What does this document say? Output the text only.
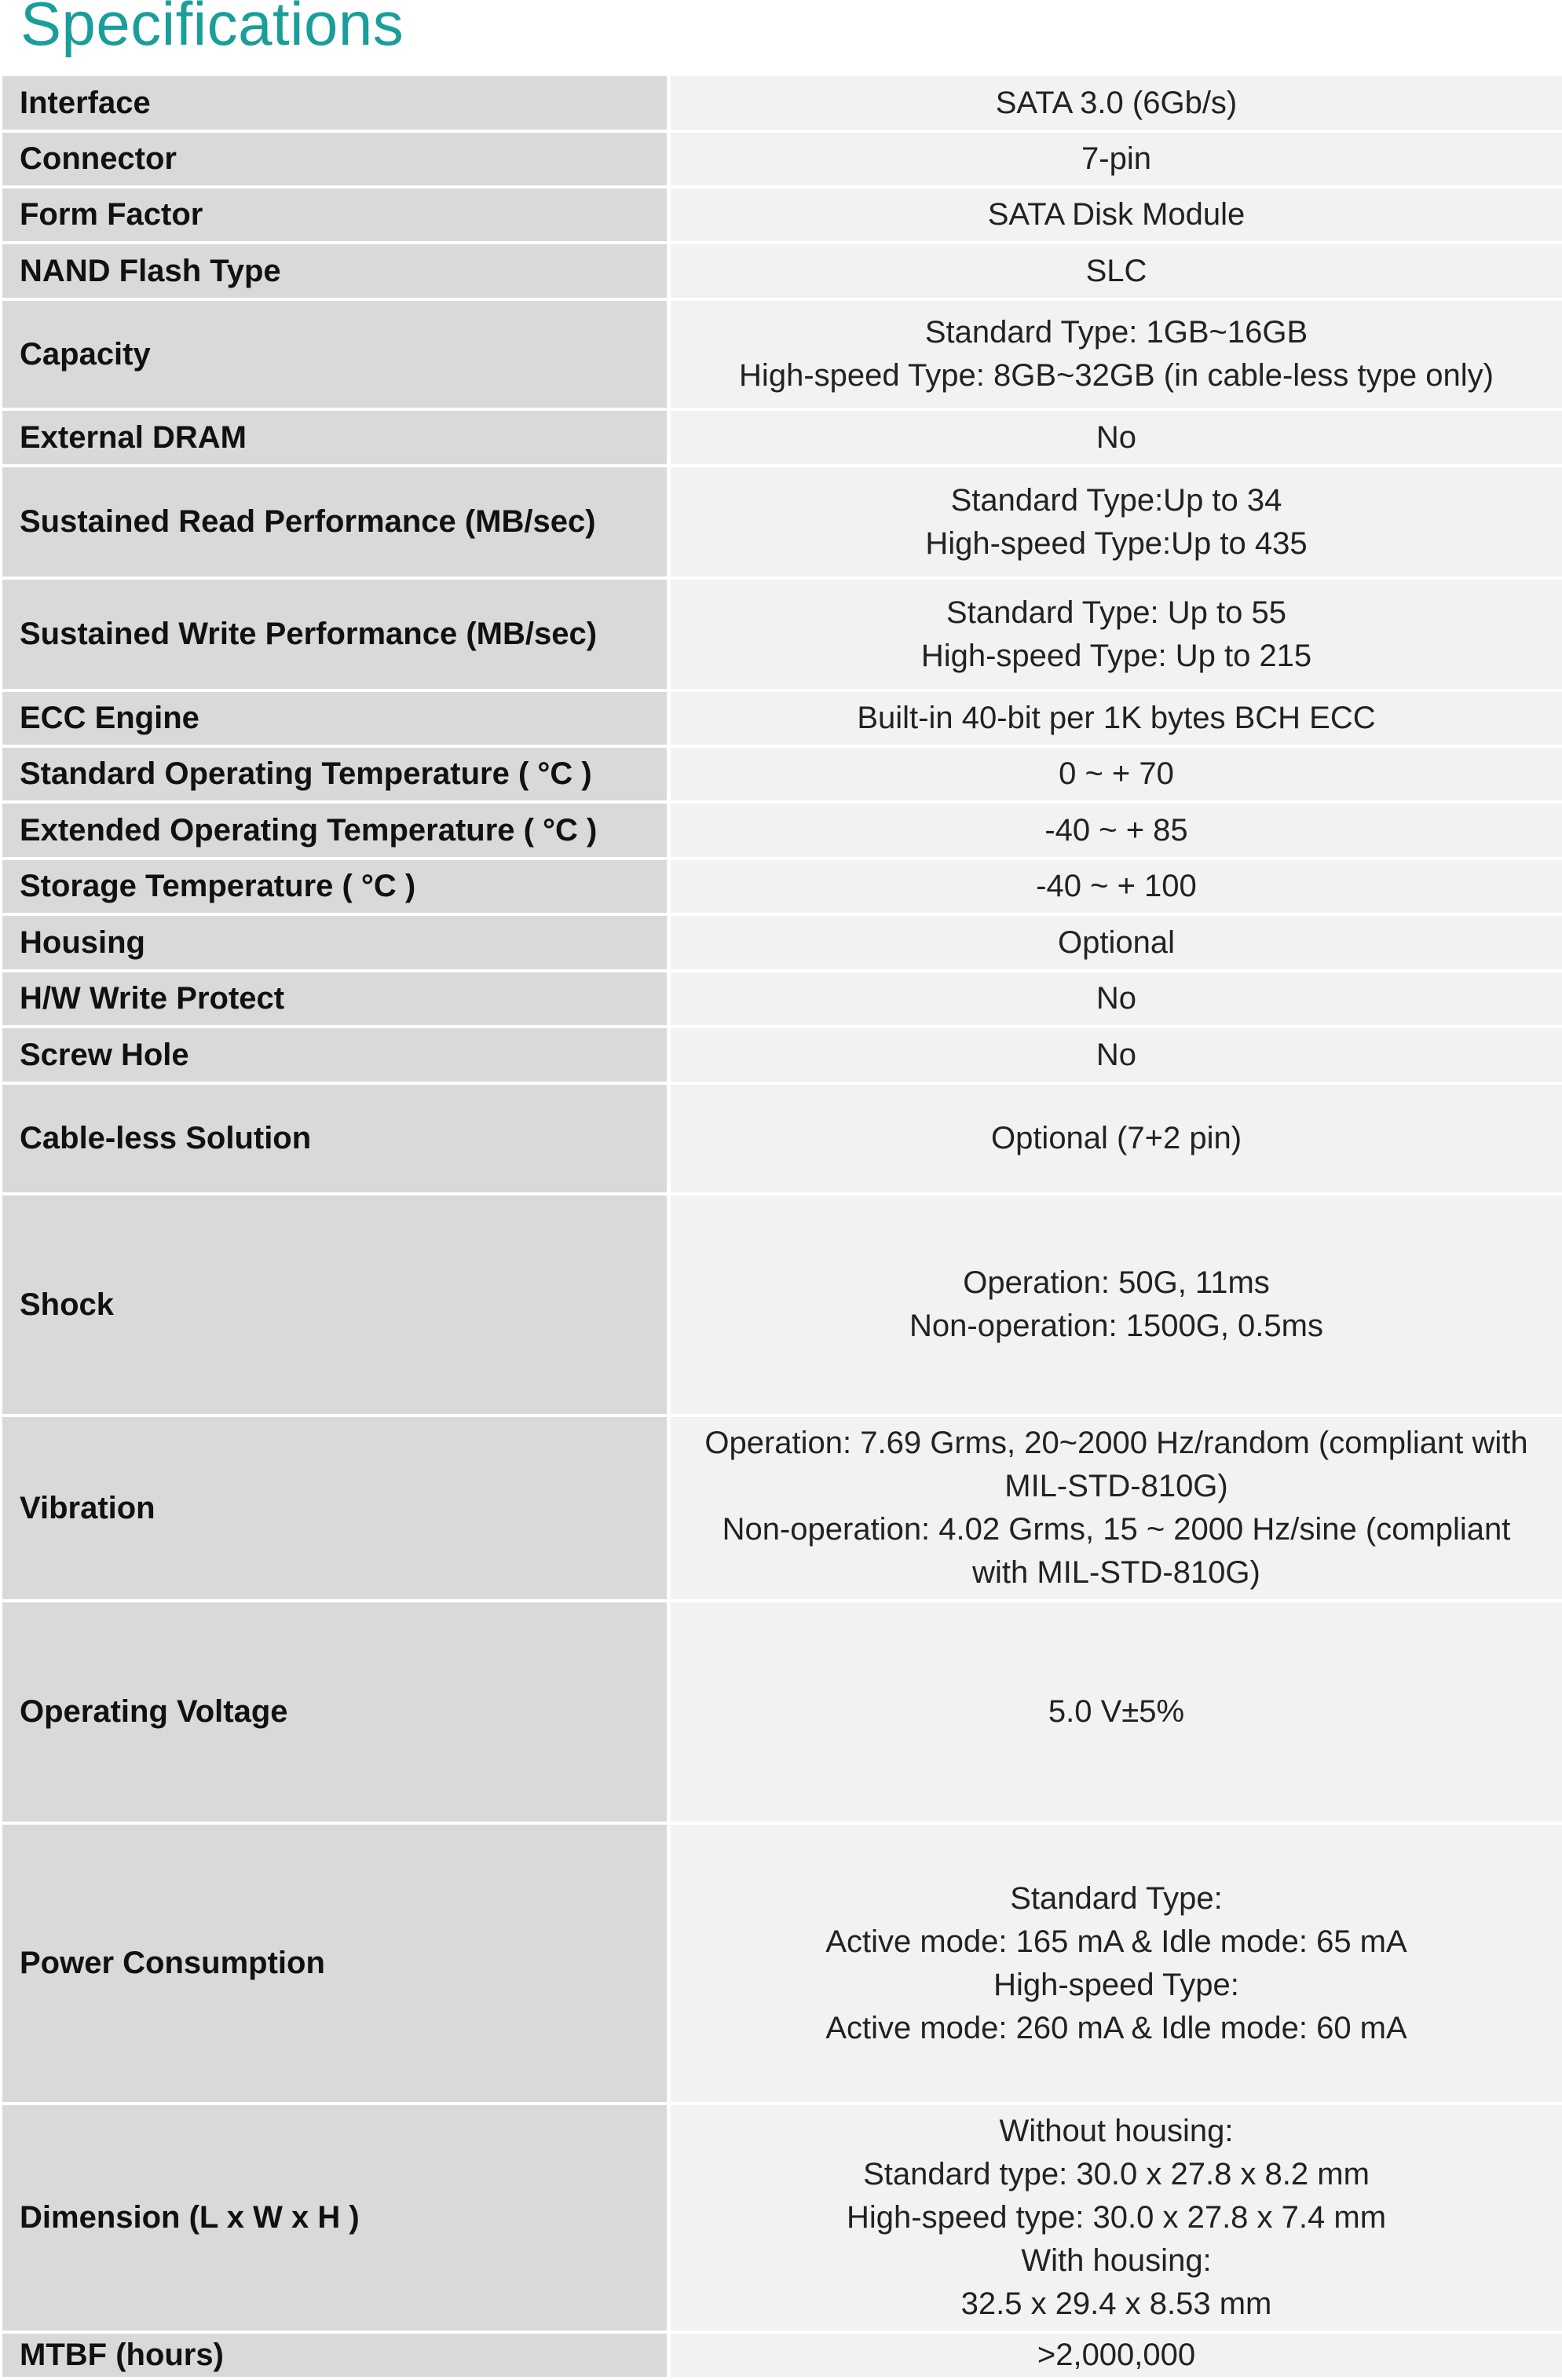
Specifications
Interface	SATA 3.0 (6Gb/s)

Connector	7-pin

Form Factor	SATA Disk Module

NAND Flash Type	SLC

Capacity	Standard Type: 1GB~16GB
High-speed Type: 8GB~32GB (in cable-less type only)

External DRAM	No

Sustained Read Performance (MB/sec)	Standard Type:Up to 34
High-speed Type:Up to 435

Sustained Write Performance (MB/sec)	Standard Type: Up to 55
High-speed Type: Up to 215

ECC Engine	Built-in 40-bit per 1K bytes BCH ECC

Standard Operating Temperature ( °C )	0 ~ + 70

Extended Operating Temperature ( °C )	-40 ~ + 85

Storage Temperature ( °C )	-40 ~ + 100

Housing	Optional

H/W Write Protect	No

Screw Hole	No

Cable-less Solution	Optional (7+2 pin)

Shock	Operation: 50G, 11ms
Non-operation: 1500G, 0.5ms

Vibration	Operation: 7.69 Grms, 20~2000 Hz/random (compliant with
MIL-STD-810G)
Non-operation: 4.02 Grms, 15 ~ 2000 Hz/sine (compliant
with MIL-STD-810G)

Operating Voltage	5.0 V±5%

Power Consumption	Standard Type:
Active mode: 165 mA & Idle mode: 65 mA
High-speed Type:
Active mode: 260 mA & Idle mode: 60 mA

Dimension (L x W x H )	Without housing:
Standard type: 30.0 x 27.8 x 8.2 mm
High-speed type: 30.0 x 27.8 x 7.4 mm
With housing:
32.5 x 29.4 x 8.53 mm

MTBF (hours)	>2,000,000
